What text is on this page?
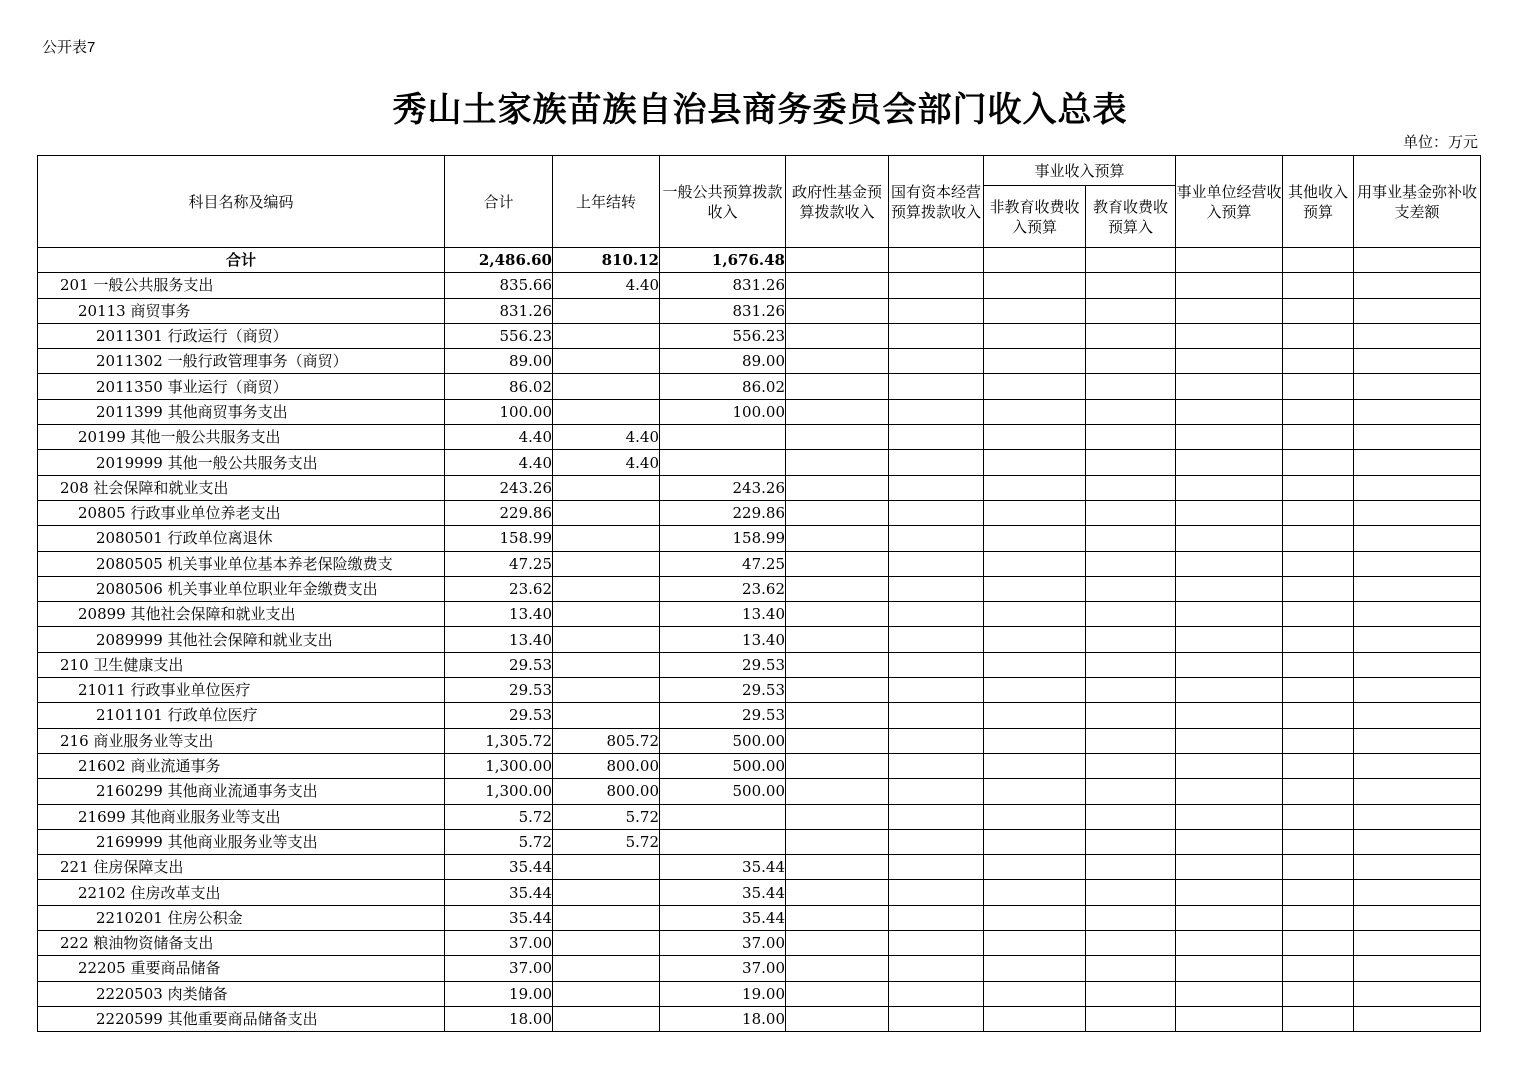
公开表7
秀山土家族苗族自治县商务委员会部门收入总表
单位：万元
科目名称及编码	合计	上年结转	一般公共预算拨款收入	政府性基金预算拨款收入	国有资本经营预算拨款收入	事业收入预算		事业单位经营收入预算	其他收入预算	用事业基金弥补收支差额
						非教育收费收入预算	教育收费收预算入			
合计	2,486.60	810.12	1,676.48							
201 一般公共服务支出	835.66	4.40	831.26							
20113 商贸事务	831.26		831.26							
2011301 行政运行（商贸）	556.23		556.23							
2011302 一般行政管理事务（商贸）	89.00		89.00							
2011350 事业运行（商贸）	86.02		86.02							
2011399 其他商贸事务支出	100.00		100.00							
20199 其他一般公共服务支出	4.40	4.40								
2019999 其他一般公共服务支出	4.40	4.40								
208 社会保障和就业支出	243.26		243.26							
20805 行政事业单位养老支出	229.86		229.86							
2080501 行政单位离退休	158.99		158.99							
2080505 机关事业单位基本养老保险缴费支	47.25		47.25							
2080506 机关事业单位职业年金缴费支出	23.62		23.62							
20899 其他社会保障和就业支出	13.40		13.40							
2089999 其他社会保障和就业支出	13.40		13.40							
210 卫生健康支出	29.53		29.53							
21011 行政事业单位医疗	29.53		29.53							
2101101 行政单位医疗	29.53		29.53							
216 商业服务业等支出	1,305.72	805.72	500.00							
21602 商业流通事务	1,300.00	800.00	500.00							
2160299 其他商业流通事务支出	1,300.00	800.00	500.00							
21699 其他商业服务业等支出	5.72	5.72								
2169999 其他商业服务业等支出	5.72	5.72								
221 住房保障支出	35.44		35.44							
22102 住房改革支出	35.44		35.44							
2210201 住房公积金	35.44		35.44							
222 粮油物资储备支出	37.00		37.00							
22205 重要商品储备	37.00		37.00							
2220503 肉类储备	19.00		19.00							
2220599 其他重要商品储备支出	18.00		18.00							
